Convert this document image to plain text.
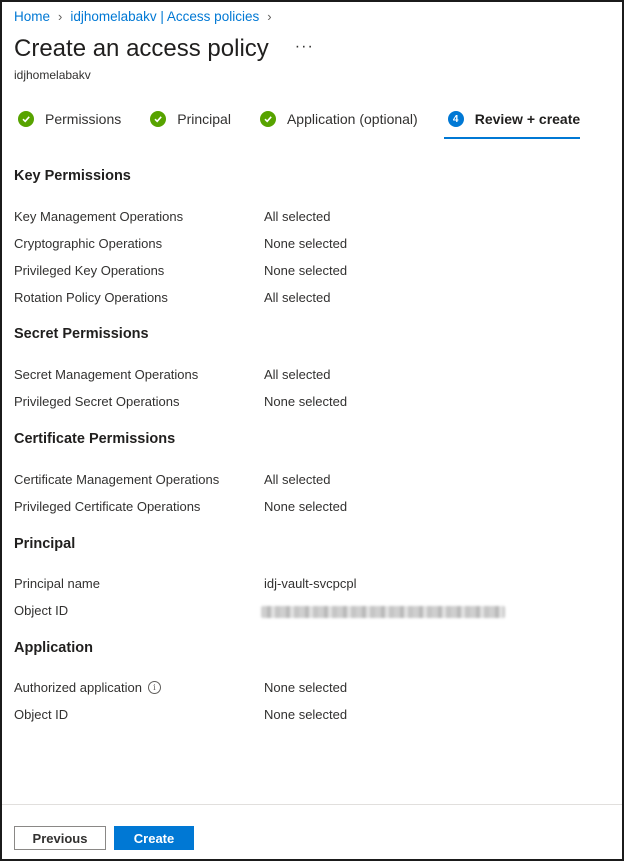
Home › idjhomelabakv | Access policies ›
Create an access policy ···
idjhomelabakv
Permissions	Principal	Application (optional)	4	Review + create
Key Permissions
Key Management Operations	All selected
Cryptographic Operations	None selected
Privileged Key Operations	None selected
Rotation Policy Operations	All selected
Secret Permissions
Secret Management Operations	All selected
Privileged Secret Operations	None selected
Certificate Permissions
Certificate Management Operations	All selected
Privileged Certificate Operations	None selected
Principal
Principal name	idj-vault-svcpcpl
Object ID
Application
Authorized application	i	None selected
Object ID	None selected
Previous	Create
